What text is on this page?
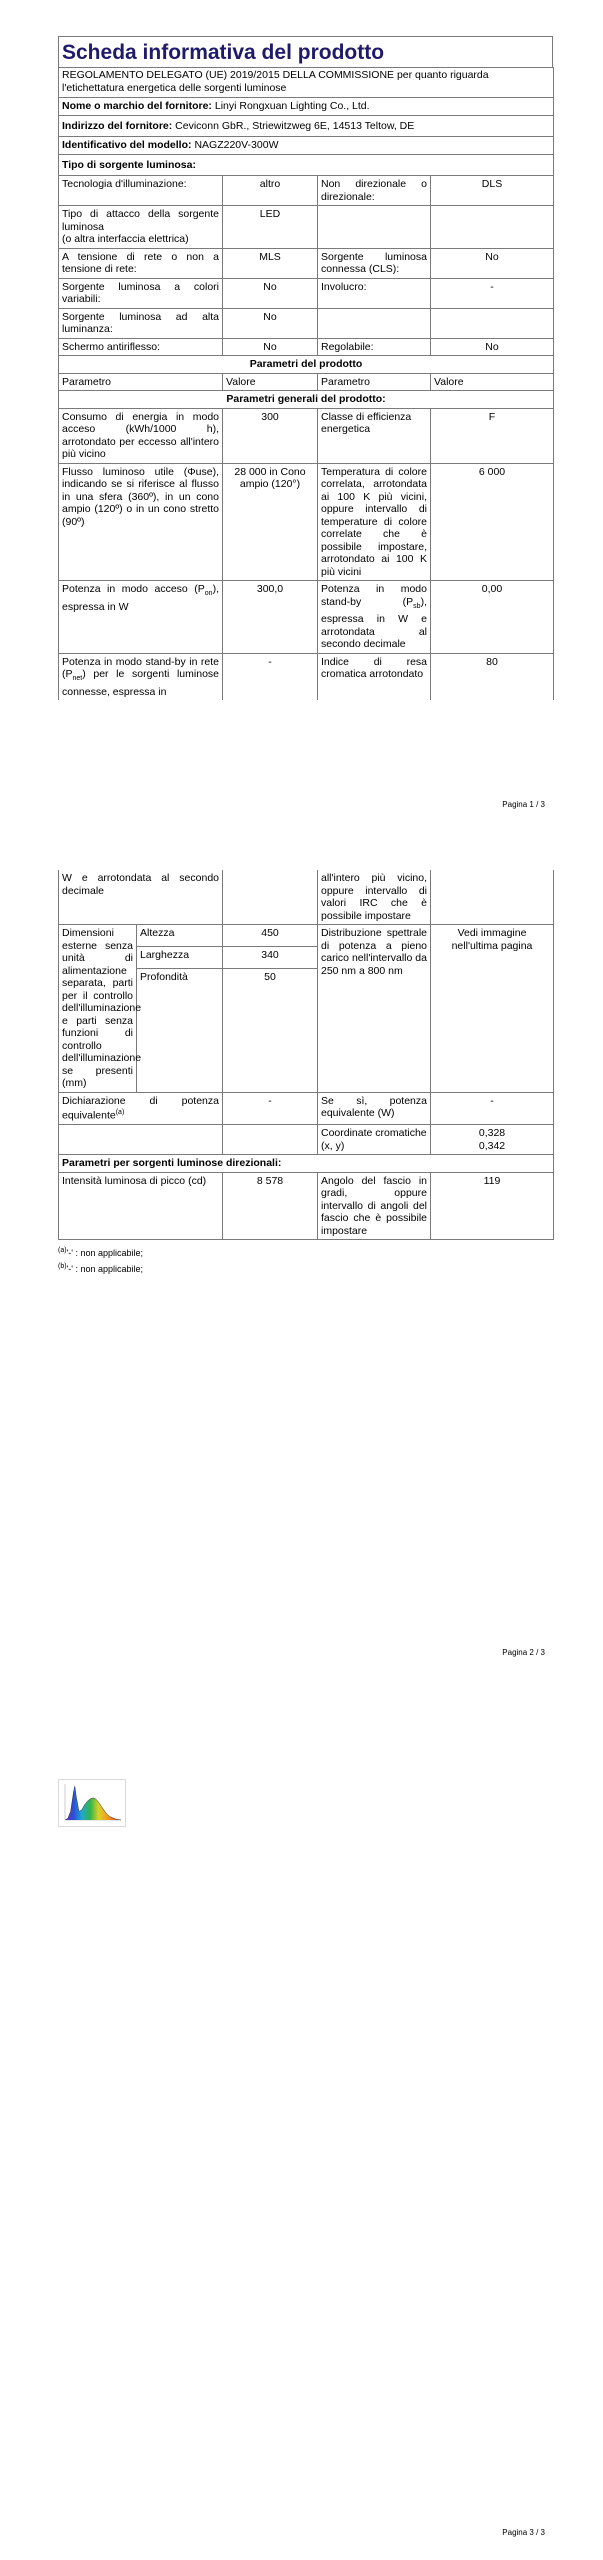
Scheda informativa del prodotto
REGOLAMENTO DELEGATO (UE) 2019/2015 DELLA COMMISSIONE per quanto riguarda l'etichettatura energetica delle sorgenti luminose			
Nome o marchio del fornitore: Linyi Rongxuan Lighting Co., Ltd.			
Indirizzo del fornitore: Ceviconn GbR., Striewitzweg 6E, 14513 Teltow, DE			
Identificativo del modello: NAGZ220V-300W			
Tipo di sorgente luminosa:			
Tecnologia d'illuminazione:	altro	Non direzionale o direzionale:	DLS
Tipo di attacco della sorgente luminosa
(o altra interfaccia elettrica)	LED		
A tensione di rete o non a tensione di rete:	MLS	Sorgente luminosa connessa (CLS):	No
Sorgente luminosa a colori variabili:	No	Involucro:	-
Sorgente luminosa ad alta luminanza:	No		
Schermo antiriflesso:	No	Regolabile:	No
Parametri del prodotto			
Parametro	Valore	Parametro	Valore
Parametri generali del prodotto:			
Consumo di energia in modo acceso (kWh/1000 h), arrotondato per eccesso all'intero più vicino	300	Classe di efficienza energetica	F
Flusso luminoso utile (Φuse), indicando se si riferisce al flusso in una sfera (360º), in un cono ampio (120º) o in un cono stretto (90º)	28 000 in Cono ampio (120°)	Temperatura di colore correlata, arrotondata ai 100 K più vicini, oppure intervallo di temperature di colore correlate che è possibile impostare, arrotondato ai 100 K più vicini	6 000
Potenza in modo acceso $(P_{on})$, espressa in W	300,0	Potenza in modo stand-by $(P_{sb})$, espressa in W e arrotondata al secondo decimale	0,00
Potenza in modo stand-by in rete $(P_{net})$ per le sorgenti luminose connesse, espressa in	-	Indice di resa cromatica arrotondato	80
Pagina 1 / 3
W e arrotondata al secondo decimale			all'intero più vicino, oppure intervallo di valori IRC che è possibile impostare	
Dimensioni esterne senza unità di alimentazione separata, parti per il controllo dell'illuminazione e parti senza funzioni di controllo dell'illuminazione se presenti (mm)	Altezza	450	Distribuzione spettrale di potenza a pieno carico nell'intervallo da 250 nm a 800 nm	Vedi immagine nell'ultima pagina
	Larghezza	340		
	Profondità	50		
Dichiarazione di potenza equivalente$^{(a)}$		-	Se sì, potenza equivalente (W)	-
			Coordinate cromatiche (x, y)	0,328
0,342
Parametri per sorgenti luminose direzionali:				
Intensità luminosa di picco (cd)		8 578	Angolo del fascio in gradi, oppure intervallo di angoli del fascio che è possibile impostare	119
$^{(a)}$'-' : non applicabile;
$^{(b)}$'-' : non applicabile;
Pagina 2 / 3
Pagina 3 / 3
